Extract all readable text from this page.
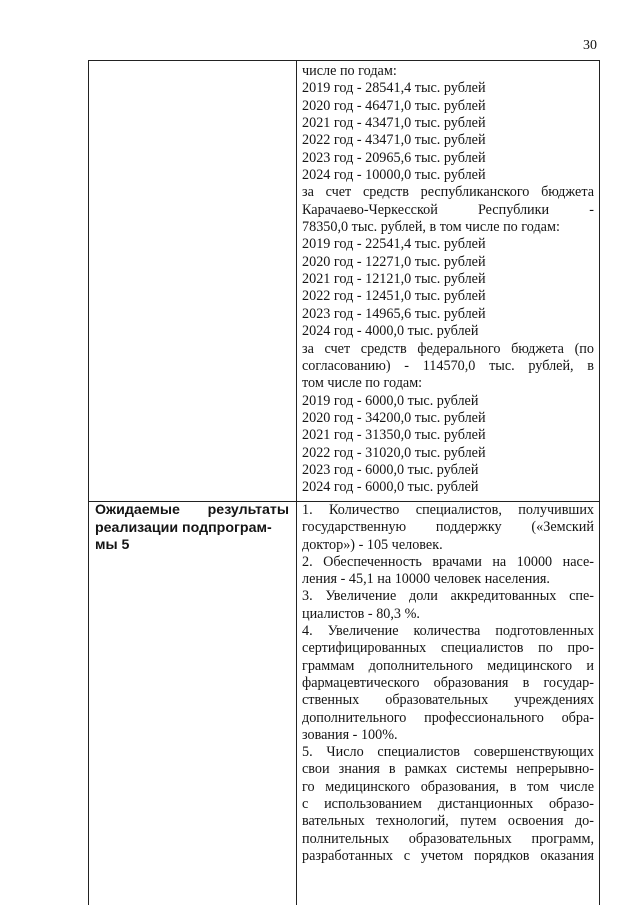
30
числе по годам:
2019 год - 28541,4 тыс. рублей
2020 год - 46471,0 тыс. рублей
2021 год - 43471,0 тыс. рублей
2022 год - 43471,0 тыс. рублей
2023 год - 20965,6 тыс. рублей
2024 год - 10000,0 тыс. рублей
за счет средств республиканского бюджета
Карачаево-Черкесской Республики -
78350,0 тыс. рублей, в том числе по годам:
2019 год - 22541,4 тыс. рублей
2020 год - 12271,0 тыс. рублей
2021 год - 12121,0 тыс. рублей
2022 год - 12451,0 тыс. рублей
2023 год - 14965,6 тыс. рублей
2024 год - 4000,0 тыс. рублей
за счет средств федерального бюджета (по
согласованию) - 114570,0 тыс. рублей, в
том числе по годам:
2019 год - 6000,0 тыс. рублей
2020 год - 34200,0 тыс. рублей
2021 год - 31350,0 тыс. рублей
2022 год - 31020,0 тыс. рублей
2023 год - 6000,0 тыс. рублей
2024 год - 6000,0 тыс. рублей
Ожидаемые результаты
реализации подпрограм-
мы 5
1. Количество специалистов, получивших
государственную поддержку («Земский
доктор») - 105 человек.
2. Обеспеченность врачами на 10000 насе-
ления - 45,1 на 10000 человек населения.
3. Увеличение доли аккредитованных спе-
циалистов - 80,3 %.
4. Увеличение количества подготовленных
сертифицированных специалистов по про-
граммам дополнительного медицинского и
фармацевтического образования в государ-
ственных образовательных учреждениях
дополнительного профессионального обра-
зования - 100%.
5. Число специалистов совершенствующих
свои знания в рамках системы непрерывно-
го медицинского образования, в том числе
с использованием дистанционных образо-
вательных технологий, путем освоения до-
полнительных образовательных программ,
разработанных с учетом порядков оказания
